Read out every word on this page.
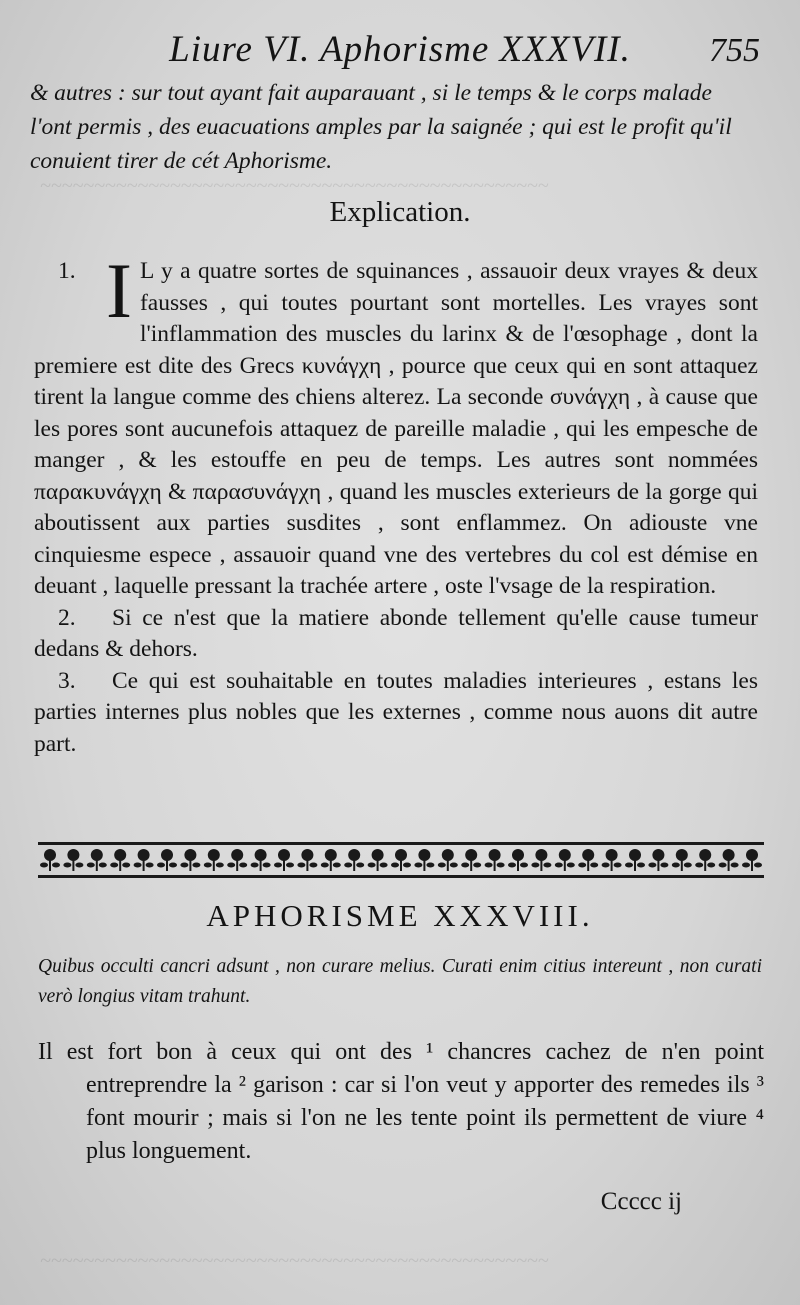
~~~~~~~~~~~~~~~~~~~~~~~~~~~~~~~~~~~~~~~~~~~~~~~
~~~~~~~~~~~~~~~~~~~~~~~~~~~~~~~~~~~~~~~~~~~~~~~
Liure VI. Aphorisme XXXVII.	755

& autres : sur tout ayant fait auparauant , si le temps & le corps malade

l'ont permis , des euacuations amples par la saignée ; qui est le profit qu'il

conuient tirer de cét Aphorisme.

Explication.

1. I L y a quatre sortes de squinances , assauoir deux vrayes & deux fausses , qui toutes pourtant sont mortelles. Les vrayes sont l'inflammation des muscles du larinx & de l'œsophage , dont la premiere est dite des Grecs κυνάγχη , pource que ceux qui en sont attaquez tirent la langue comme des chiens alterez. La seconde συνάγχη , à cause que les pores sont aucunefois attaquez de pareille maladie , qui les empesche de manger , & les estouffe en peu de temps. Les autres sont nommées παρακυνάγχη & παρασυνάγχη , quand les muscles exterieurs de la gorge qui aboutissent aux parties susdites , sont enflammez. On adiouste vne cinquiesme espece , assauoir quand vne des vertebres du col est démise en deuant , laquelle pressant la trachée artere , oste l'vsage de la respiration.

2. Si ce n'est que la matiere abonde tellement qu'elle cause tumeur dedans & dehors.

3. Ce qui est souhaitable en toutes maladies interieures , estans les parties internes plus nobles que les externes , comme nous auons dit autre part.

APHORISME XXXVIII.

Quibus occulti cancri adsunt , non curare melius. Curati enim citius intereunt , non curati verò longius vitam trahunt.

Il est fort bon à ceux qui ont des ¹ chancres cachez de n'en point entreprendre la ² garison : car si l'on veut y apporter des remedes ils ³ font mourir ; mais si l'on ne les tente point ils permettent de viure ⁴ plus longuement.

Ccccc ij
